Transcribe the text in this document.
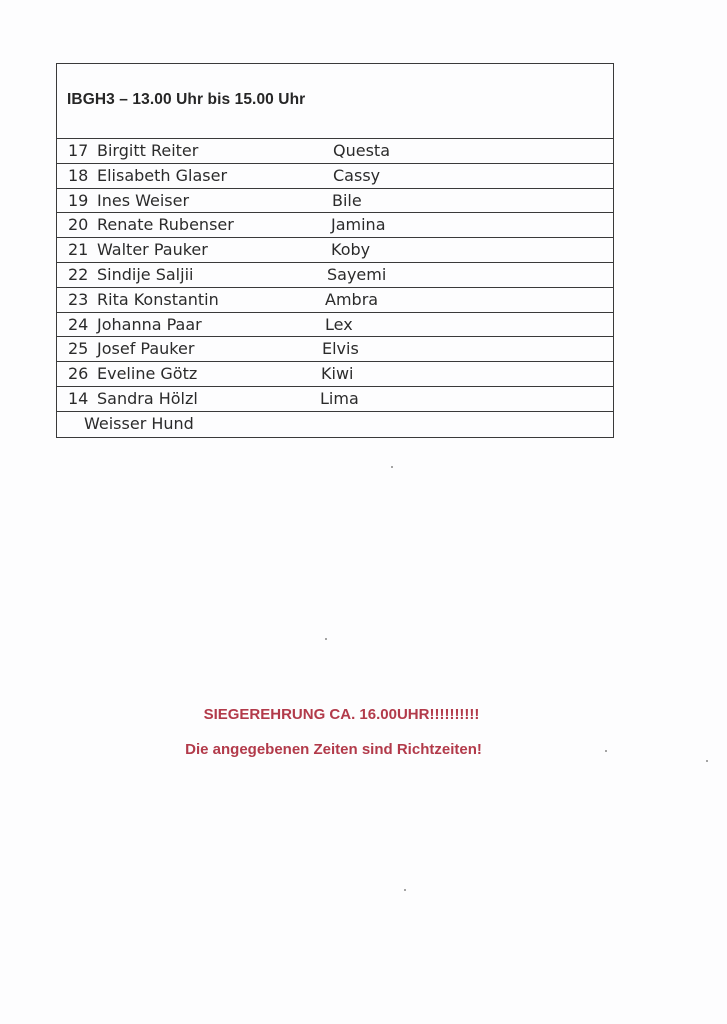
IBGH3 – 13.00 Uhr bis 15.00 Uhr
17 Birgitt Reiter	Questa
18 Elisabeth Glaser	Cassy
19 Ines Weiser	Bile
20 Renate Rubenser	Jamina
21 Walter Pauker	Koby
22 Sindije Saljii	Sayemi
23 Rita Konstantin	Ambra
24 Johanna Paar	Lex
25 Josef Pauker	Elvis
26 Eveline Götz	Kiwi
14 Sandra Hölzl	Lima
Weisser Hund
SIEGEREHRUNG CA. 16.00UHR!!!!!!!!!!
Die angegebenen Zeiten sind Richtzeiten!
